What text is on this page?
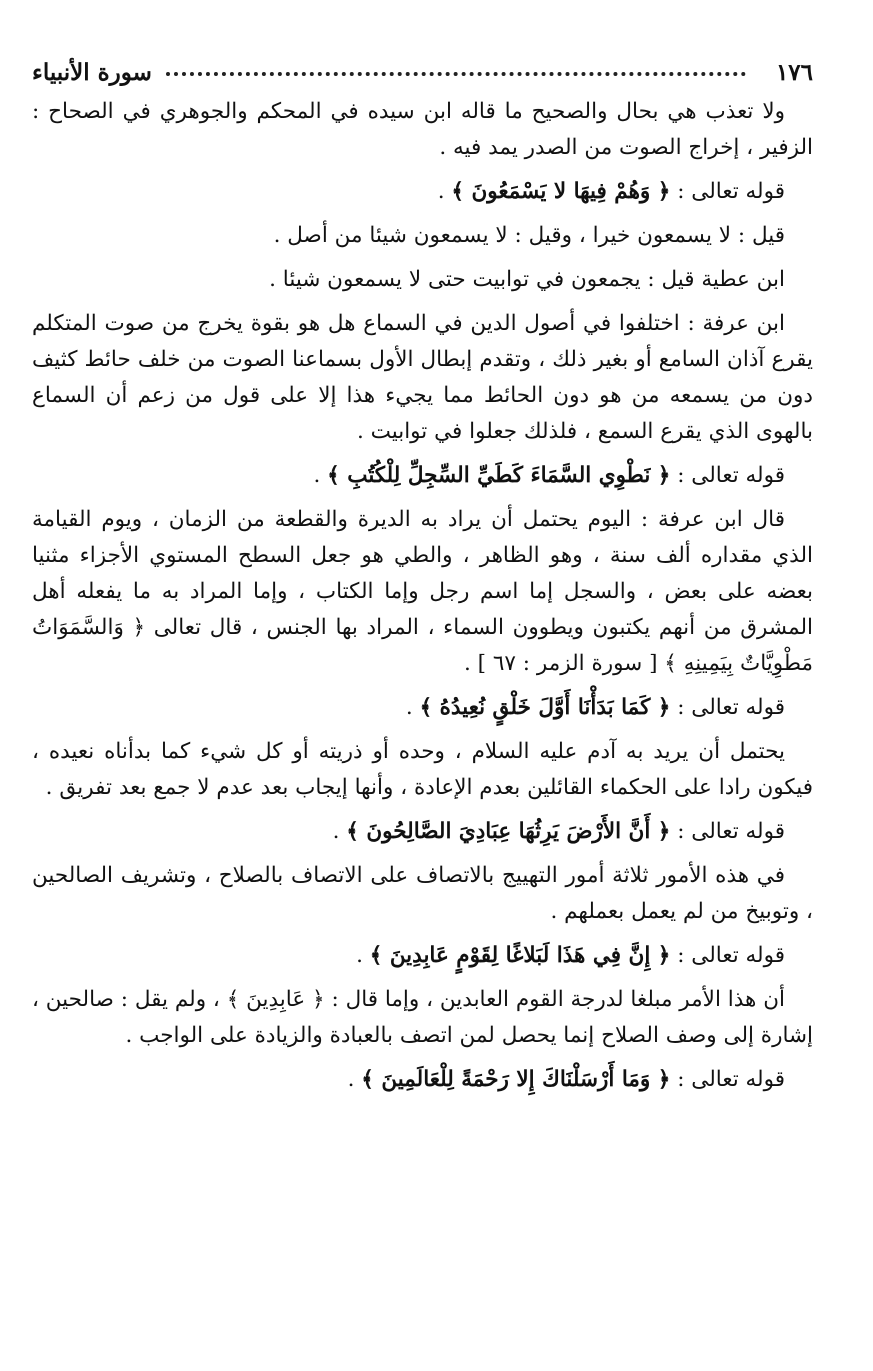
١٧٦
سورة الأنبياء

ولا تعذب هي بحال والصحيح ما قاله ابن سيده في المحكم والجوهري في الصحاح : الزفير ، إخراج الصوت من الصدر يمد فيه .

قوله تعالى : ﴿ وَهُمْ فِيهَا لا يَسْمَعُونَ ﴾ .

قيل : لا يسمعون خيرا ، وقيل : لا يسمعون شيئا من أصل .

ابن عطية قيل : يجمعون في توابيت حتى لا يسمعون شيئا .

ابن عرفة : اختلفوا في أصول الدين في السماع هل هو بقوة يخرج من صوت المتكلم يقرع آذان السامع أو بغير ذلك ، وتقدم إبطال الأول بسماعنا الصوت من خلف حائط كثيف دون من يسمعه من هو دون الحائط مما يجيء هذا إلا على قول من زعم أن السماع بالهوى الذي يقرع السمع ، فلذلك جعلوا في توابيت .

قوله تعالى : ﴿ نَطْوِي السَّمَاءَ كَطَيِّ السِّجِلِّ لِلْكُتُبِ ﴾ .

قال ابن عرفة : اليوم يحتمل أن يراد به الديرة والقطعة من الزمان ، ويوم القيامة الذي مقداره ألف سنة ، وهو الظاهر ، والطي هو جعل السطح المستوي الأجزاء مثنيا بعضه على بعض ، والسجل إما اسم رجل وإما الكتاب ، وإما المراد به ما يفعله أهل المشرق من أنهم يكتبون ويطوون السماء ، المراد بها الجنس ، قال تعالى ﴿ وَالسَّمَوَاتُ مَطْوِيَّاتٌ بِيَمِينِهِ ﴾ [ سورة الزمر : ٦٧ ] .

قوله تعالى : ﴿ كَمَا بَدَأْنَا أَوَّلَ خَلْقٍ نُعِيدُهُ ﴾ .

يحتمل أن يريد به آدم عليه السلام ، وحده أو ذريته أو كل شيء كما بدأناه نعيده ، فيكون رادا على الحكماء القائلين بعدم الإعادة ، وأنها إيجاب بعد عدم لا جمع بعد تفريق .

قوله تعالى : ﴿ أَنَّ الأَرْضَ يَرِثُهَا عِبَادِيَ الصَّالِحُونَ ﴾ .

في هذه الأمور ثلاثة أمور التهييج بالاتصاف على الاتصاف بالصلاح ، وتشريف الصالحين ، وتوبيخ من لم يعمل بعملهم .

قوله تعالى : ﴿ إِنَّ فِي هَذَا لَبَلاغًا لِقَوْمٍ عَابِدِينَ ﴾ .

أن هذا الأمر مبلغا لدرجة القوم العابدين ، وإما قال : ﴿ عَابِدِينَ ﴾ ، ولم يقل : صالحين ، إشارة إلى وصف الصلاح إنما يحصل لمن اتصف بالعبادة والزيادة على الواجب .

قوله تعالى : ﴿ وَمَا أَرْسَلْنَاكَ إِلا رَحْمَةً لِلْعَالَمِينَ ﴾ .
